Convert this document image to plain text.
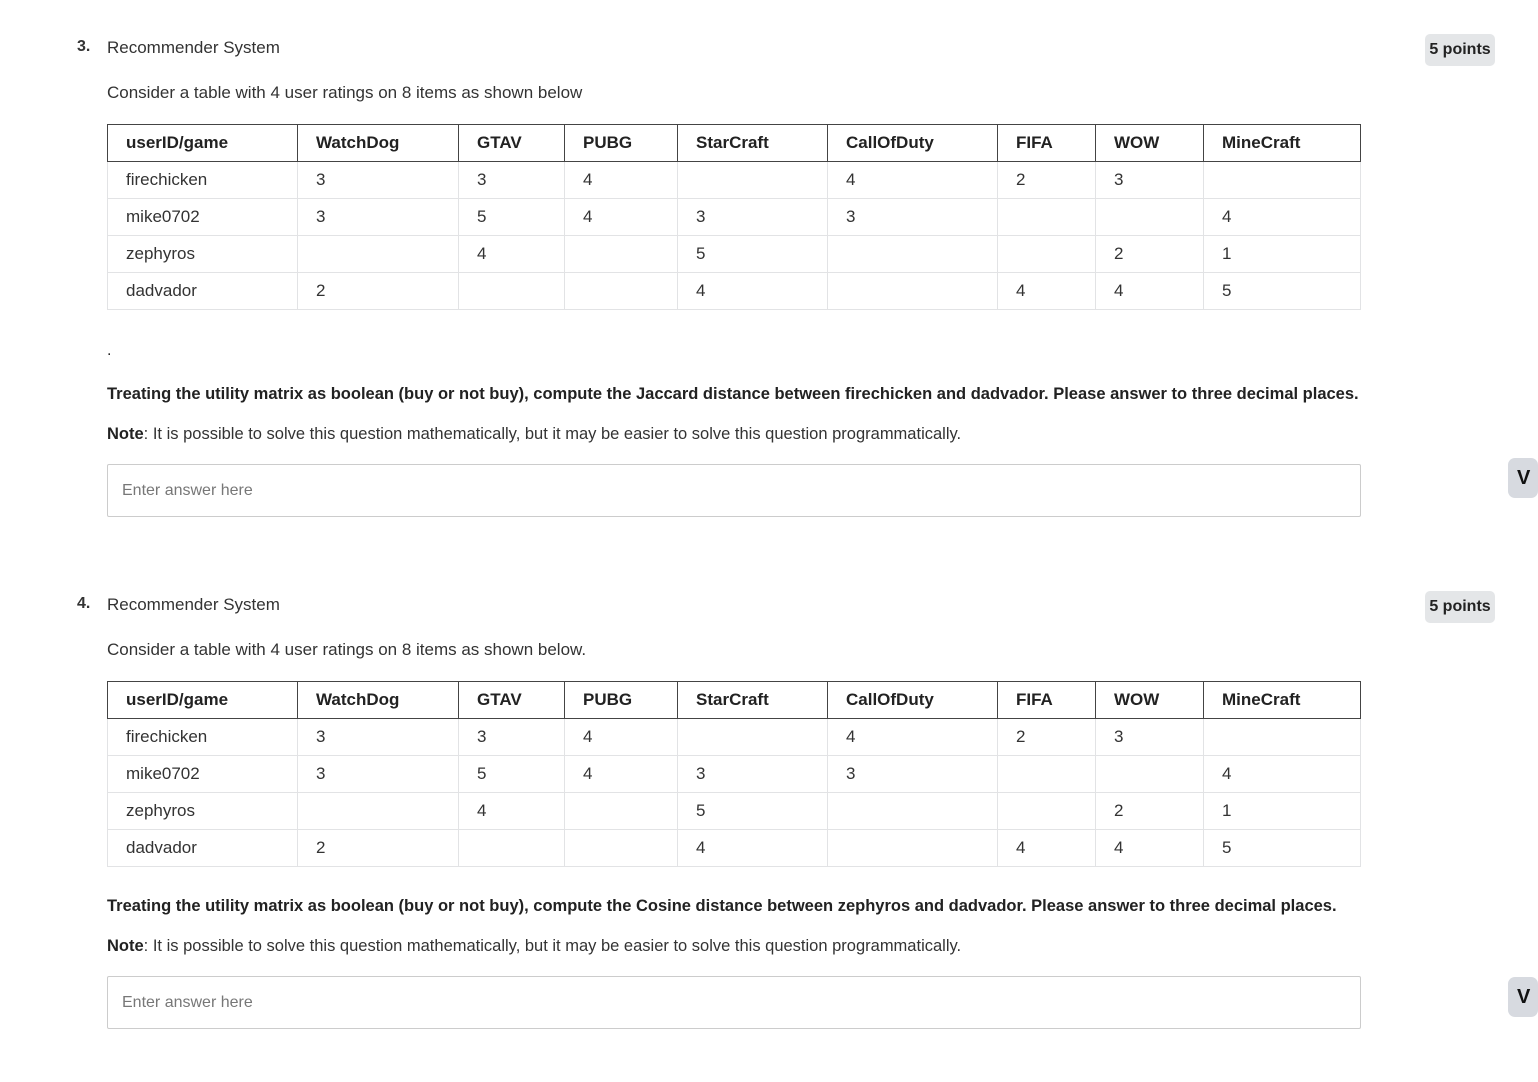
3. Recommender System	5 points
Consider a table with 4 user ratings on 8 items as shown below
userID/game	WatchDog	GTAV	PUBG	StarCraft	CallOfDuty	FIFA	WOW	MineCraft
firechicken	3	3	4		4	2	3	
mike0702	3	5	4	3	3			4
zephyros		4		5			2	1
dadvador	2			4		4	4	5
.
Treating the utility matrix as boolean (buy or not buy), compute the Jaccard distance between firechicken and dadvador. Please answer to three decimal places.
Note: It is possible to solve this question mathematically, but it may be easier to solve this question programmatically.
Enter answer here
V
4. Recommender System	5 points
Consider a table with 4 user ratings on 8 items as shown below.
userID/game	WatchDog	GTAV	PUBG	StarCraft	CallOfDuty	FIFA	WOW	MineCraft
firechicken	3	3	4		4	2	3	
mike0702	3	5	4	3	3			4
zephyros		4		5			2	1
dadvador	2			4		4	4	5
Treating the utility matrix as boolean (buy or not buy), compute the Cosine distance between zephyros and dadvador. Please answer to three decimal places.
Note: It is possible to solve this question mathematically, but it may be easier to solve this question programmatically.
Enter answer here
V
